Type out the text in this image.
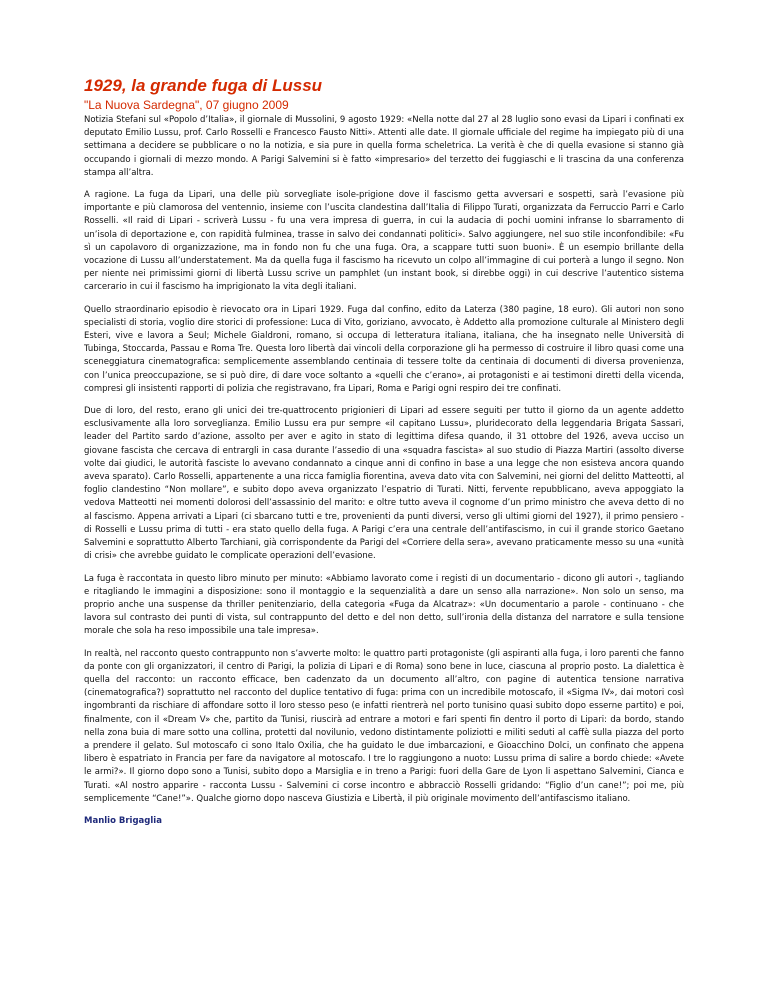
1929, la grande fuga di Lussu
"La Nuova Sardegna", 07 giugno 2009

Notizia Stefani sul «Popolo d’Italia», il giornale di Mussolini, 9 agosto 1929: «Nella notte dal 27 al 28 luglio sono evasi da Lipari i confinati ex deputato Emilio Lussu, prof. Carlo Rosselli e Francesco Fausto Nitti». Attenti alle date. Il giornale ufficiale del regime ha impiegato più di una settimana a decidere se pubblicare o no la notizia, e sia pure in quella forma scheletrica. La verità è che di quella evasione si stanno già occupando i giornali di mezzo mondo. A Parigi Salvemini si è fatto «impresario» del terzetto dei fuggiaschi e li trascina da una conferenza stampa all’altra.

A ragione. La fuga da Lipari, una delle più sorvegliate isole-prigione dove il fascismo getta avversari e sospetti, sarà l’evasione più importante e più clamorosa del ventennio, insieme con l’uscita clandestina dall’Italia di Filippo Turati, organizzata da Ferruccio Parri e Carlo Rosselli. «Il raid di Lipari - scriverà Lussu - fu una vera impresa di guerra, in cui la audacia di pochi uomini infranse lo sbarramento di un’isola di deportazione e, con rapidità fulminea, trasse in salvo dei condannati politici». Salvo aggiungere, nel suo stile inconfondibile: «Fu sì un capolavoro di organizzazione, ma in fondo non fu che una fuga. Ora, a scappare tutti suon buoni». È un esempio brillante della vocazione di Lussu all’understatement. Ma da quella fuga il fascismo ha ricevuto un colpo all’immagine di cui porterà a lungo il segno. Non per niente nei primissimi giorni di libertà Lussu scrive un pamphlet (un instant book, si direbbe oggi) in cui descrive l’autentico sistema carcerario in cui il fascismo ha imprigionato la vita degli italiani.

Quello straordinario episodio è rievocato ora in Lipari 1929. Fuga dal confino, edito da Laterza (380 pagine, 18 euro). Gli autori non sono specialisti di storia, voglio dire storici di professione: Luca di Vito, goriziano, avvocato, è Addetto alla promozione culturale al Ministero degli Esteri, vive e lavora a Seul; Michele Gialdroni, romano, si occupa di letteratura italiana, italiana, che ha insegnato nelle Università di Tubinga, Stoccarda, Passau e Roma Tre. Questa loro libertà dai vincoli della corporazione gli ha permesso di costruire il libro quasi come una sceneggiatura cinematografica: semplicemente assemblando centinaia di tessere tolte da centinaia di documenti di diversa provenienza, con l’unica preoccupazione, se si può dire, di dare voce soltanto a «quelli che c’erano», ai protagonisti e ai testimoni diretti della vicenda, compresi gli insistenti rapporti di polizia che registravano, fra Lipari, Roma e Parigi ogni respiro dei tre confinati.

Due di loro, del resto, erano gli unici dei tre-quattrocento prigionieri di Lipari ad essere seguiti per tutto il giorno da un agente addetto esclusivamente alla loro sorveglianza. Emilio Lussu era pur sempre «il capitano Lussu», pluridecorato della leggendaria Brigata Sassari, leader del Partito sardo d’azione, assolto per aver e agito in stato di legittima difesa quando, il 31 ottobre del 1926, aveva ucciso un giovane fascista che cercava di entrargli in casa durante l’assedio di una «squadra fascista» al suo studio di Piazza Martiri (assolto diverse volte dai giudici, le autorità fasciste lo avevano condannato a cinque anni di confino in base a una legge che non esisteva ancora quando aveva sparato). Carlo Rosselli, appartenente a una ricca famiglia fiorentina, aveva dato vita con Salvemini, nei giorni del delitto Matteotti, al foglio clandestino “Non mollare”, e subito dopo aveva organizzato l’espatrio di Turati. Nitti, fervente repubblicano, aveva appoggiato la vedova Matteotti nei momenti dolorosi dell’assassinio del marito: e oltre tutto aveva il cognome d’un primo ministro che aveva detto di no al fascismo. Appena arrivati a Lipari (ci sbarcano tutti e tre, provenienti da punti diversi, verso gli ultimi giorni del 1927), il primo pensiero - di Rosselli e Lussu prima di tutti - era stato quello della fuga. A Parigi c’era una centrale dell’antifascismo, in cui il grande storico Gaetano Salvemini e soprattutto Alberto Tarchiani, già corrispondente da Parigi del «Corriere della sera», avevano praticamente messo su una «unità di crisi» che avrebbe guidato le complicate operazioni dell’evasione.

La fuga è raccontata in questo libro minuto per minuto: «Abbiamo lavorato come i registi di un documentario - dicono gli autori -, tagliando e ritagliando le immagini a disposizione: sono il montaggio e la sequenzialità a dare un senso alla narrazione». Non solo un senso, ma proprio anche una suspense da thriller penitenziario, della categoria «Fuga da Alcatraz»: «Un documentario a parole - continuano - che lavora sul contrasto dei punti di vista, sul contrappunto del detto e del non detto, sull’ironia della distanza del narratore e sulla tensione morale che sola ha reso impossibile una tale impresa».

In realtà, nel racconto questo contrappunto non s’avverte molto: le quattro parti protagoniste (gli aspiranti alla fuga, i loro parenti che fanno da ponte con gli organizzatori, il centro di Parigi, la polizia di Lipari e di Roma) sono bene in luce, ciascuna al proprio posto. La dialettica è quella del racconto: un racconto efficace, ben cadenzato da un documento all’altro, con pagine di autentica tensione narrativa (cinematografica?) soprattutto nel racconto del duplice tentativo di fuga: prima con un incredibile motoscafo, il «Sigma IV», dai motori così ingombranti da rischiare di affondare sotto il loro stesso peso (e infatti rientrerà nel porto tunisino quasi subito dopo esserne partito) e poi, finalmente, con il «Dream V» che, partito da Tunisi, riuscirà ad entrare a motori e fari spenti fin dentro il porto di Lipari: da bordo, stando nella zona buia di mare sotto una collina, protetti dal novilunio, vedono distintamente poliziotti e militi seduti al caffè sulla piazza del porto a prendere il gelato. Sul motoscafo ci sono Italo Oxilia, che ha guidato le due imbarcazioni, e Gioacchino Dolci, un confinato che appena libero è espatriato in Francia per fare da navigatore al motoscafo. I tre lo raggiungono a nuoto: Lussu prima di salire a bordo chiede: «Avete le armi?». Il giorno dopo sono a Tunisi, subito dopo a Marsiglia e in treno a Parigi: fuori della Gare de Lyon li aspettano Salvemini, Cianca e Turati. «Al nostro apparire - racconta Lussu - Salvemini ci corse incontro e abbracciò Rosselli gridando: “Figlio d’un cane!”; poi me, più semplicemente “Cane!”». Qualche giorno dopo nasceva Giustizia e Libertà, il più originale movimento dell’antifascismo italiano.

Manlio Brigaglia
